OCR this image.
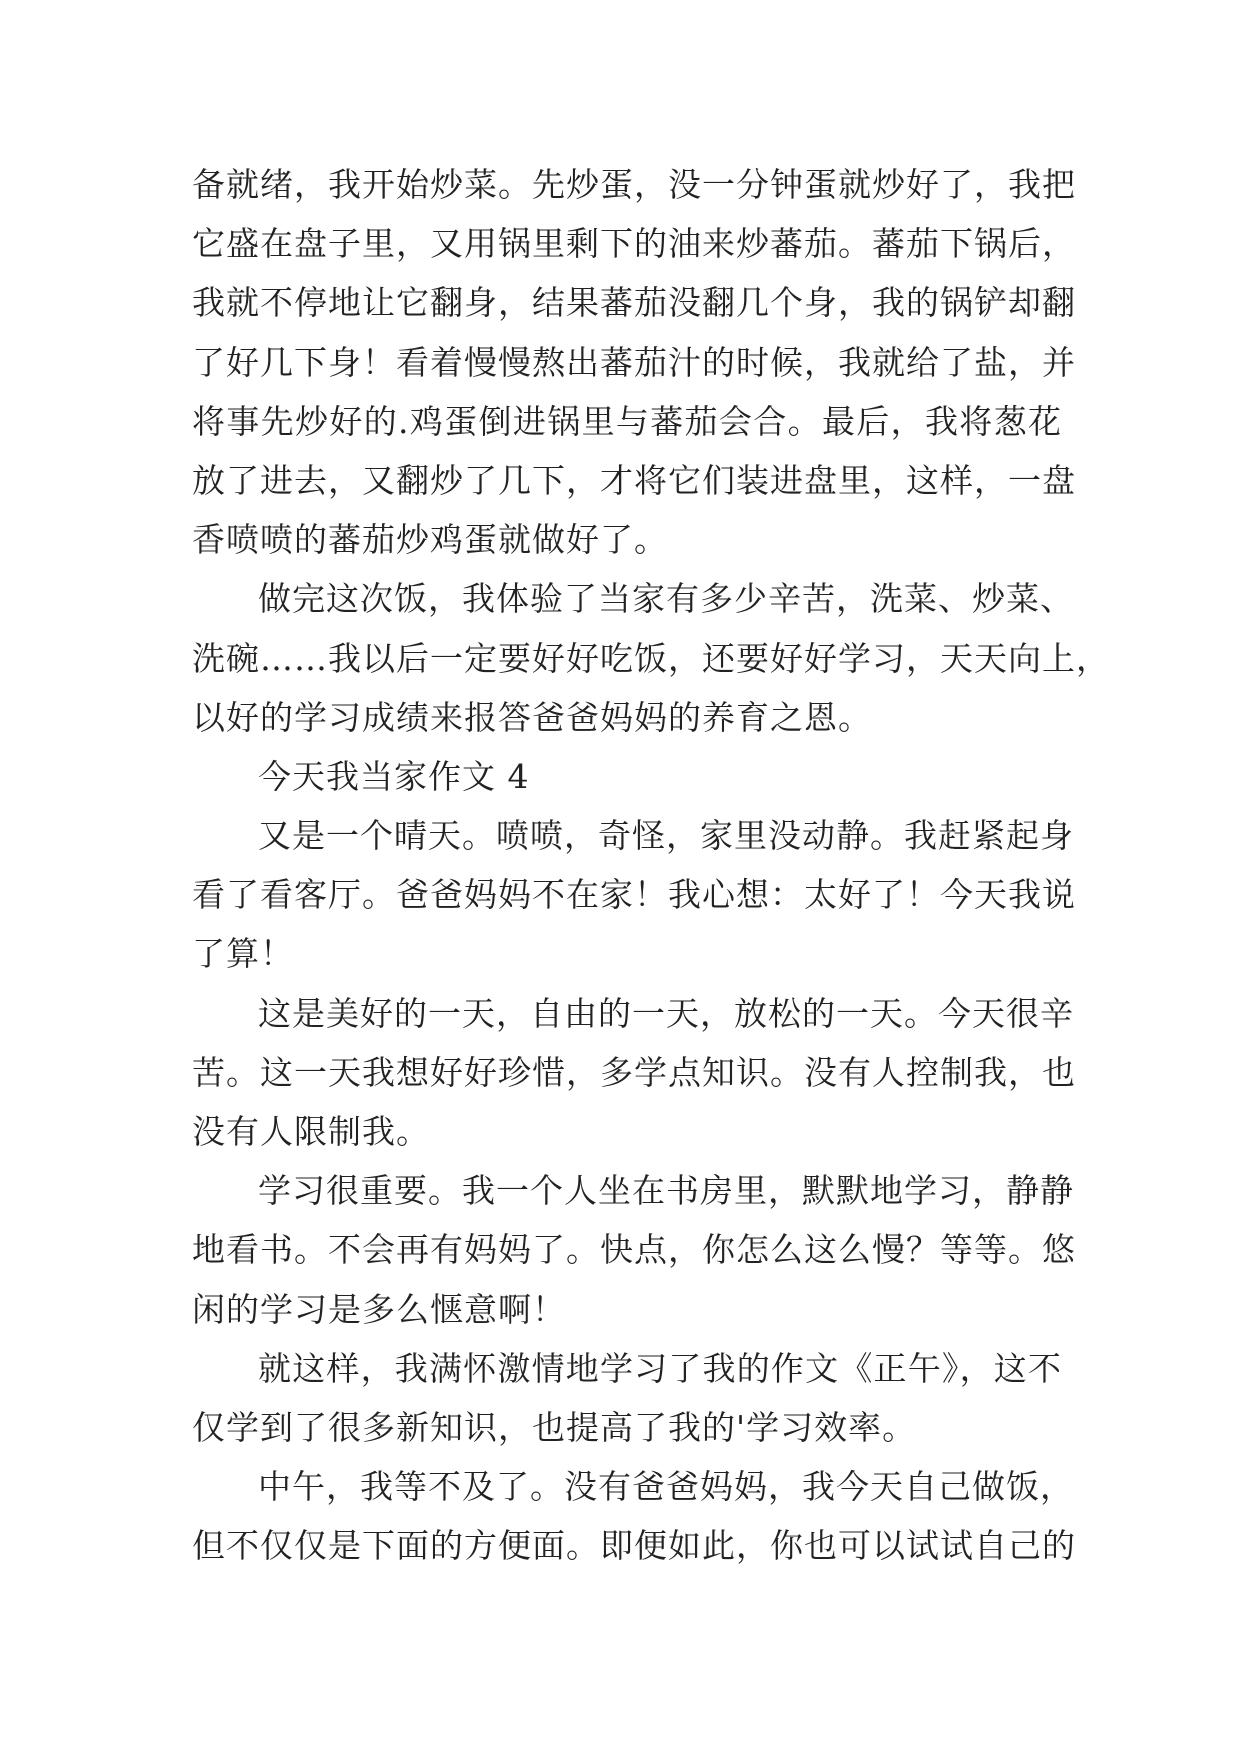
备就绪，我开始炒菜。先炒蛋，没一分钟蛋就炒好了，我把
它盛在盘子里，又用锅里剩下的油来炒蕃茄。蕃茄下锅后，
我就不停地让它翻身，结果蕃茄没翻几个身，我的锅铲却翻
了好几下身！看着慢慢熬出蕃茄汁的时候，我就给了盐，并
将事先炒好的.鸡蛋倒进锅里与蕃茄会合。最后，我将葱花
放了进去，又翻炒了几下，才将它们装进盘里，这样，一盘
香喷喷的蕃茄炒鸡蛋就做好了。
做完这次饭，我体验了当家有多少辛苦，洗菜、炒菜、
洗碗……我以后一定要好好吃饭，还要好好学习，天天向上，
以好的学习成绩来报答爸爸妈妈的养育之恩。
今天我当家作文 4
又是一个晴天。喷喷，奇怪，家里没动静。我赶紧起身
看了看客厅。爸爸妈妈不在家！我心想：太好了！今天我说
了算！
这是美好的一天，自由的一天，放松的一天。今天很辛
苦。这一天我想好好珍惜，多学点知识。没有人控制我，也
没有人限制我。
学习很重要。我一个人坐在书房里，默默地学习，静静
地看书。不会再有妈妈了。快点，你怎么这么慢？等等。悠
闲的学习是多么惬意啊！
就这样，我满怀激情地学习了我的作文《正午》，这不
仅学到了很多新知识，也提高了我的'学习效率。
中午，我等不及了。没有爸爸妈妈，我今天自己做饭，
但不仅仅是下面的方便面。即便如此，你也可以试试自己的
